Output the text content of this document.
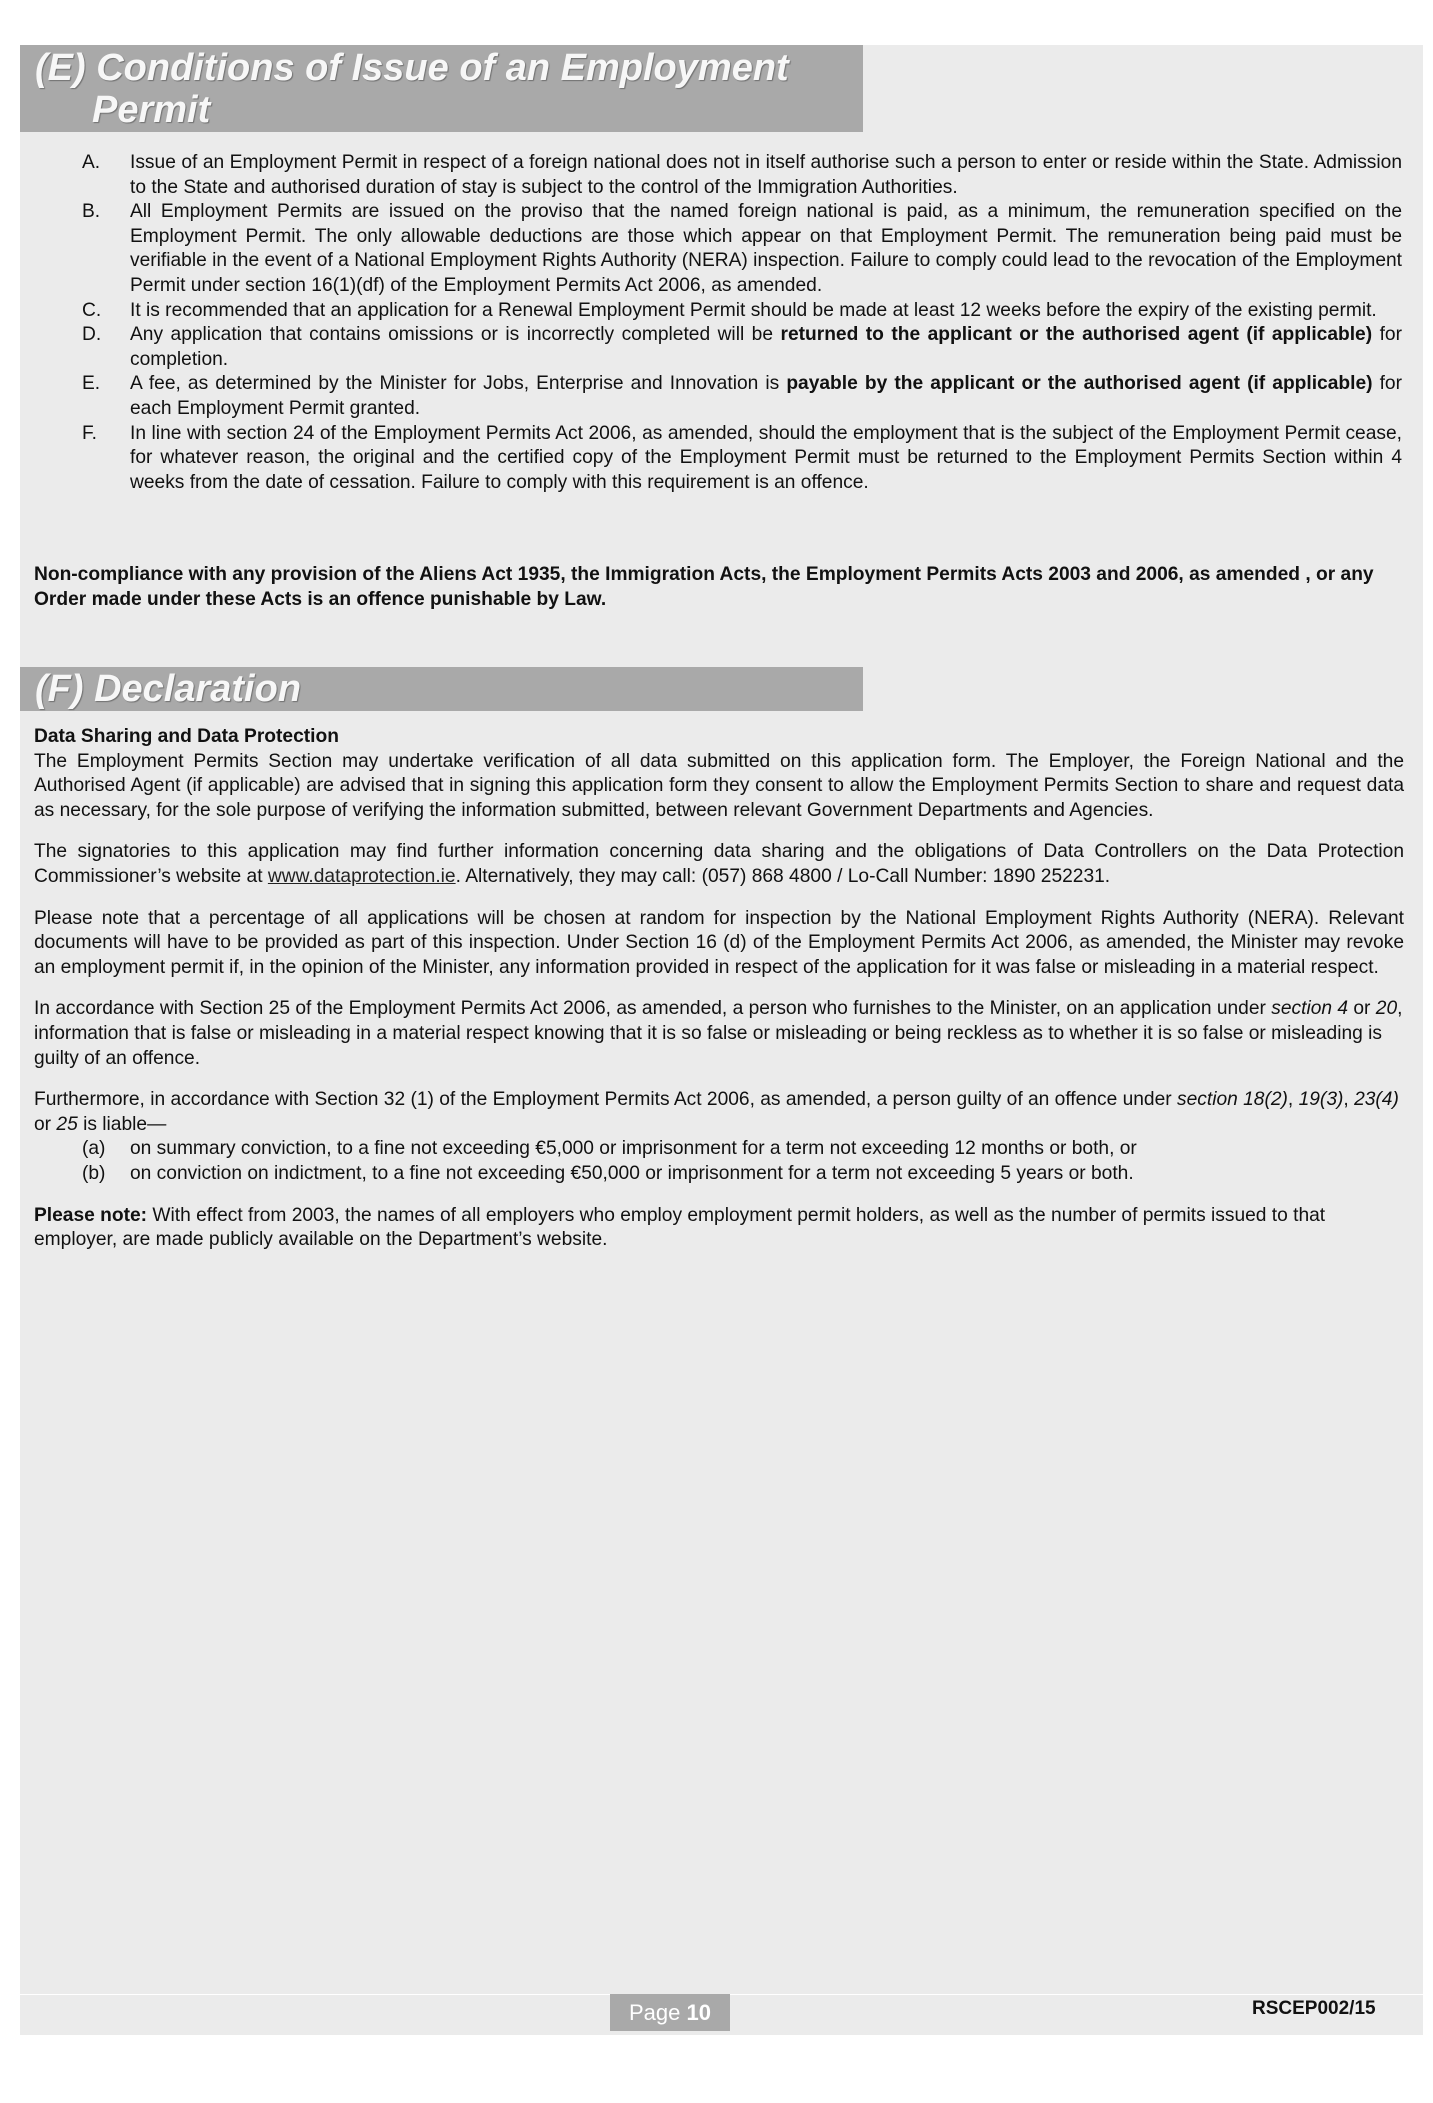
(E) Conditions of Issue of an Employment
Permit
A. Issue of an Employment Permit in respect of a foreign national does not in itself authorise such a person to enter or reside within the State. Admission to the State and authorised duration of stay is subject to the control of the Immigration Authorities.
B. All Employment Permits are issued on the proviso that the named foreign national is paid, as a minimum, the remuneration specified on the Employment Permit. The only allowable deductions are those which appear on that Employment Permit. The remuneration being paid must be verifiable in the event of a National Employment Rights Authority (NERA) inspection. Failure to comply could lead to the revocation of the Employment Permit under section 16(1)(df) of the Employment Permits Act 2006, as amended.
C. It is recommended that an application for a Renewal Employment Permit should be made at least 12 weeks before the expiry of the existing permit.
D. Any application that contains omissions or is incorrectly completed will be returned to the applicant or the authorised agent (if applicable) for completion.
E. A fee, as determined by the Minister for Jobs, Enterprise and Innovation is payable by the applicant or the authorised agent (if applicable) for each Employment Permit granted.
F. In line with section 24 of the Employment Permits Act 2006, as amended, should the employment that is the subject of the Employment Permit cease, for whatever reason, the original and the certified copy of the Employment Permit must be returned to the Employment Permits Section within 4 weeks from the date of cessation. Failure to comply with this requirement is an offence.
Non-compliance with any provision of the Aliens Act 1935, the Immigration Acts, the Employment Permits Acts 2003 and 2006, as amended , or any Order made under these Acts is an offence punishable by Law.
(F) Declaration

Data Sharing and Data Protection

The Employment Permits Section may undertake verification of all data submitted on this application form. The Employer, the Foreign National and the Authorised Agent (if applicable) are advised that in signing this application form they consent to allow the Employment Permits Section to share and request data as necessary, for the sole purpose of verifying the information submitted, between relevant Government Departments and Agencies.

The signatories to this application may find further information concerning data sharing and the obligations of Data Controllers on the Data Protection Commissioner’s website at www.dataprotection.ie. Alternatively, they may call: (057) 868 4800 / Lo-Call Number: 1890 252231.

Please note that a percentage of all applications will be chosen at random for inspection by the National Employment Rights Authority (NERA). Relevant documents will have to be provided as part of this inspection. Under Section 16 (d) of the Employment Permits Act 2006, as amended, the Minister may revoke an employment permit if, in the opinion of the Minister, any information provided in respect of the application for it was false or misleading in a material respect.

In accordance with Section 25 of the Employment Permits Act 2006, as amended, a person who furnishes to the Minister, on an application under section 4 or 20, information that is false or misleading in a material respect knowing that it is so false or misleading or being reckless as to whether it is so false or misleading is guilty of an offence.

Furthermore, in accordance with Section 32 (1) of the Employment Permits Act 2006, as amended, a person guilty of an offence under section 18(2), 19(3), 23(4) or 25 is liable—

(a) on summary conviction, to a fine not exceeding €5,000 or imprisonment for a term not exceeding 12 months or both, or
(b) on conviction on indictment, to a fine not exceeding €50,000 or imprisonment for a term not exceeding 5 years or both.

Please note: With effect from 2003, the names of all employers who employ employment permit holders, as well as the number of permits issued to that employer, are made publicly available on the Department’s website.

Page 10	RSCEP002/15
